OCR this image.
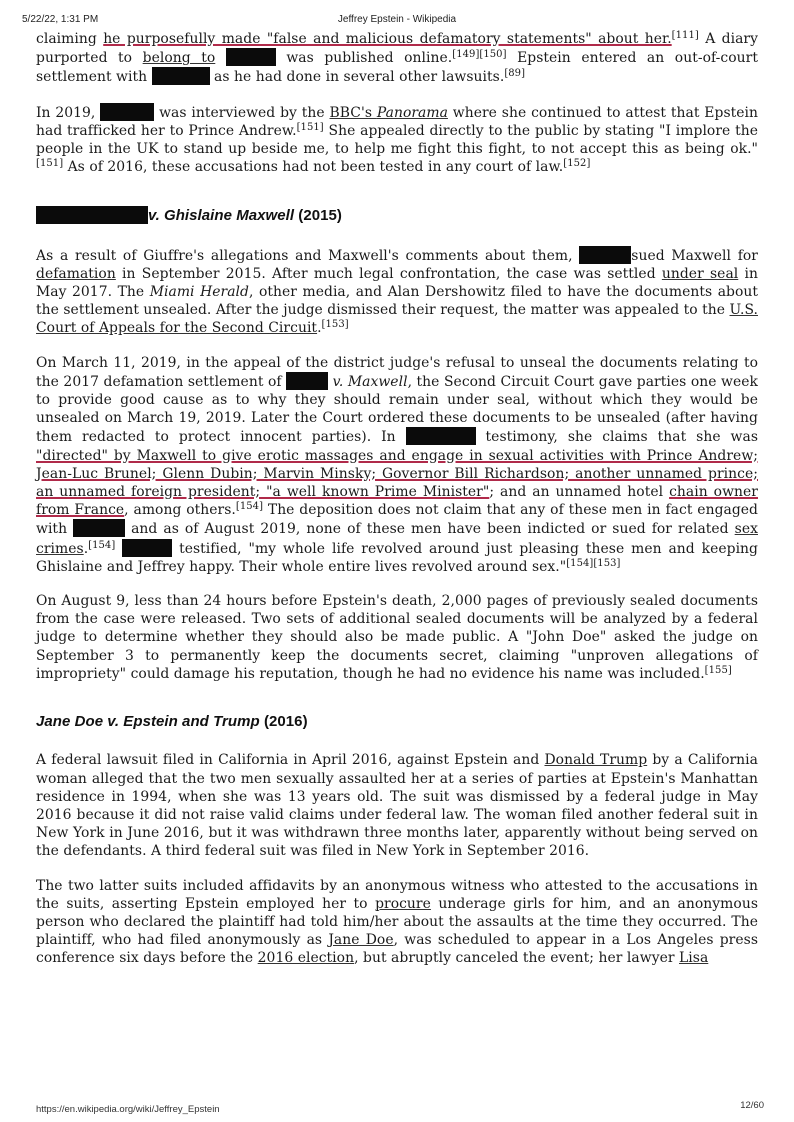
5/22/22, 1:31 PM	Jeffrey Epstein - Wikipedia

claiming he purposefully made "false and malicious defamatory statements" about her.[111] A diary purported to belong to	was published online.[149][150] Epstein entered an out-of-court settlement with	as he had done in several other lawsuits.[89]

In 2019,	was interviewed by the BBC's Panorama where she continued to attest that Epstein had trafficked her to Prince Andrew.[151] She appealed directly to the public by stating "I implore the people in the UK to stand up beside me, to help me fight this fight, to not accept this as being ok."[151] As of 2016, these accusations had not been tested in any court of law.[152]

v. Ghislaine Maxwell (2015)

As a result of Giuffre's allegations and Maxwell's comments about them,	sued Maxwell for defamation in September 2015. After much legal confrontation, the case was settled under seal in May 2017. The Miami Herald, other media, and Alan Dershowitz filed to have the documents about the settlement unsealed. After the judge dismissed their request, the matter was appealed to the U.S. Court of Appeals for the Second Circuit.[153]

On March 11, 2019, in the appeal of the district judge's refusal to unseal the documents relating to the 2017 defamation settlement of	v. Maxwell, the Second Circuit Court gave parties one week to provide good cause as to why they should remain under seal, without which they would be unsealed on March 19, 2019. Later the Court ordered these documents to be unsealed (after having them redacted to protect innocent parties). In	testimony, she claims that she was "directed" by Maxwell to give erotic massages and engage in sexual activities with Prince Andrew; Jean-Luc Brunel; Glenn Dubin; Marvin Minsky; Governor Bill Richardson; another unnamed prince; an unnamed foreign president; "a well known Prime Minister"; and an unnamed hotel chain owner from France, among others.[154] The deposition does not claim that any of these men in fact engaged with	and as of August 2019, none of these men have been indicted or sued for related sex crimes.[154]	testified, "my whole life revolved around just pleasing these men and keeping Ghislaine and Jeffrey happy. Their whole entire lives revolved around sex."[154][153]

On August 9, less than 24 hours before Epstein's death, 2,000 pages of previously sealed documents from the case were released. Two sets of additional sealed documents will be analyzed by a federal judge to determine whether they should also be made public. A "John Doe" asked the judge on September 3 to permanently keep the documents secret, claiming "unproven allegations of impropriety" could damage his reputation, though he had no evidence his name was included.[155]

Jane Doe v. Epstein and Trump (2016)

A federal lawsuit filed in California in April 2016, against Epstein and Donald Trump by a California woman alleged that the two men sexually assaulted her at a series of parties at Epstein's Manhattan residence in 1994, when she was 13 years old. The suit was dismissed by a federal judge in May 2016 because it did not raise valid claims under federal law. The woman filed another federal suit in New York in June 2016, but it was withdrawn three months later, apparently without being served on the defendants. A third federal suit was filed in New York in September 2016.

The two latter suits included affidavits by an anonymous witness who attested to the accusations in the suits, asserting Epstein employed her to procure underage girls for him, and an anonymous person who declared the plaintiff had told him/her about the assaults at the time they occurred. The plaintiff, who had filed anonymously as Jane Doe, was scheduled to appear in a Los Angeles press conference six days before the 2016 election, but abruptly canceled the event; her lawyer Lisa

https://en.wikipedia.org/wiki/Jeffrey_Epstein	12/60
